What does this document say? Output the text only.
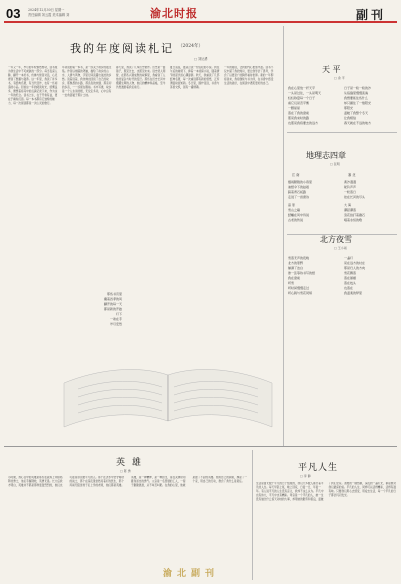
03 2024年12月30日 星期一
责任编辑 刘云霞 美术编辑 刘	渝北时报	副刊
我的年度阅读札记 （2024年）
□ 刘运勇
一年又一年，岁月的年轮悄然转动，读书成为我生活中不可或缺的一部分。每当夜深人静，翻开一本好书，仿佛与智者对话，心灵得到了慰藉与滋养。这一年里，我读了许多书，有经典名著，有当代佳作，也有一些闲适的小品。回首这一年的阅读时光，感慨良多，便想着将其中的点滴记录下来，作为这一年的纪念。读书之乐，在于开卷有益，更在于掩卷沉思。每一本书都有它独特的魅力，每一次阅读都是一次心灵的旅行。
年初读的第一本书，是一部关于故乡的散文集。作者以细腻的笔触，描绘了故乡的山水、人情与风物，字里行间流露出浓浓的乡愁。读着读着，我仿佛也回到了自己的故乡，那熟悉的小路、那袅袅的炊烟、那亲切的乡音，一一浮现在眼前。书中写道，故乡是一个人永远的根，无论走多远，心中总有一处角落属于那片土地。
春天里，我读了几本历史著作。历史是一面镜子，照见过去，也照见未来。读史使人明智，在那些兴衰成败的故事里，我看到了人性的复杂与时代的变迁。那些在历史长河中熠熠生辉的人物，他们的精神和品格，至今仍然激励着我们前行。
夏日炎炎，最适合读一些轻松的小说。我在午后的树荫下，捧着一本侦探小说，随着情节的起伏而心潮澎湃。秋天，我重读了几部经典名著，每一次重读都有新的感悟，正所谓温故而知新。冬日里，围炉夜读，书香与茶香交织，别有一番情趣。
一年的阅读，让我的内心更加丰盈。读书不仅丰富了我的知识，更让我学会了思考，学会了以更宽广的胸怀看待世界。新的一年即将到来，我将继续与书为伴，在书香中感受生活的美好，在阅读中遇见更好的自己。
那些书页里
藏着四季的风
翻开的每一天
都是新的开始
灯下
一卷在手
岁月安然
天 平
□ 余 平
我在心里放一杆天平
一头是过往，一头是明天
轻轻称量每一个日子
看它们是否平衡
一颗星星
落在了我的窗前
照亮我来时的路
也照亮我将要去的远方
日子是一粒一粒的沙
从指缝里慢慢流淌
我想要抓住些什么
却只握住了一缕阳光
那阳光
温暖了我整个冬天
让我相信
春天就在不远的地方
地理志四章
□ 张明
江 南	塞 北
烟雨朦胧的小巷里
油纸伞下的姑娘
踩着青石板路
走进了一首唐诗
高 原
雪山之巅
经幡在风中诉说
古老的传说
黄沙漫漫
驼铃声声
一轮落日
挂在长河的尽头
大 海
潮起潮落
浪花拍打着礁石
唱着永恒的歌
北方夜雪
□ 王小雨
雪落无声的夜晚
北方的原野
铺满了洁白
像一张等待书写的纸
我在窗前
听雪
听时间慢慢走过
听心跳与雪花同频
一盏灯
亮在远方的村庄
那是归人的方向
雪花飘落
落在屋檐
落在枝头
也落在
我温柔的梦里
英 雄
□ 陈 勇
小时候，我心目中的英雄是那些在战场上冲锋陷阵的勇士，他们手握钢枪，英勇无畏。长大后我才明白，英雄并不都是那样轰轰烈烈的，他们也可能是身边最平凡的人。那个在洪水中坚守堤坝的战士，那个在深夜里依然亮着灯的医生，那个风雨无阻送孩子们上学的老师，他们都是英雄。英雄，是一种精神，是一种担当，是在关键时刻挺身而出的勇气。父亲是一名普通的工人，一辈子勤勤恳恳，从不叫苦叫累。在我的心里，他就是最了不起的英雄。他用自己的肩膀，撑起了一个家，用自己的行动，教会了我什么是责任。
平凡人生
□ 李 静
生活是由无数个平凡的日子组成的，我们大多数人都过着平凡的人生。每天早起上班，晚上回家，日复一日，年复一年。有人说平凡的人生没有意义，我却不这么认为。平凡中也有伟大，平凡中也有精彩。母亲是一个平凡的人，她一生没有做过什么惊天动地的大事，却用她的勤劳和善良，温暖了我们全家。清晨的一碗热粥，深夜的一盏灯光，都是她对我们最深的爱。平凡的人生，同样可以活得精彩，活得有滋有味。只要我们用心去感受，用爱去生活，每一个平凡的日子都会闪闪发光。
渝北副刊
